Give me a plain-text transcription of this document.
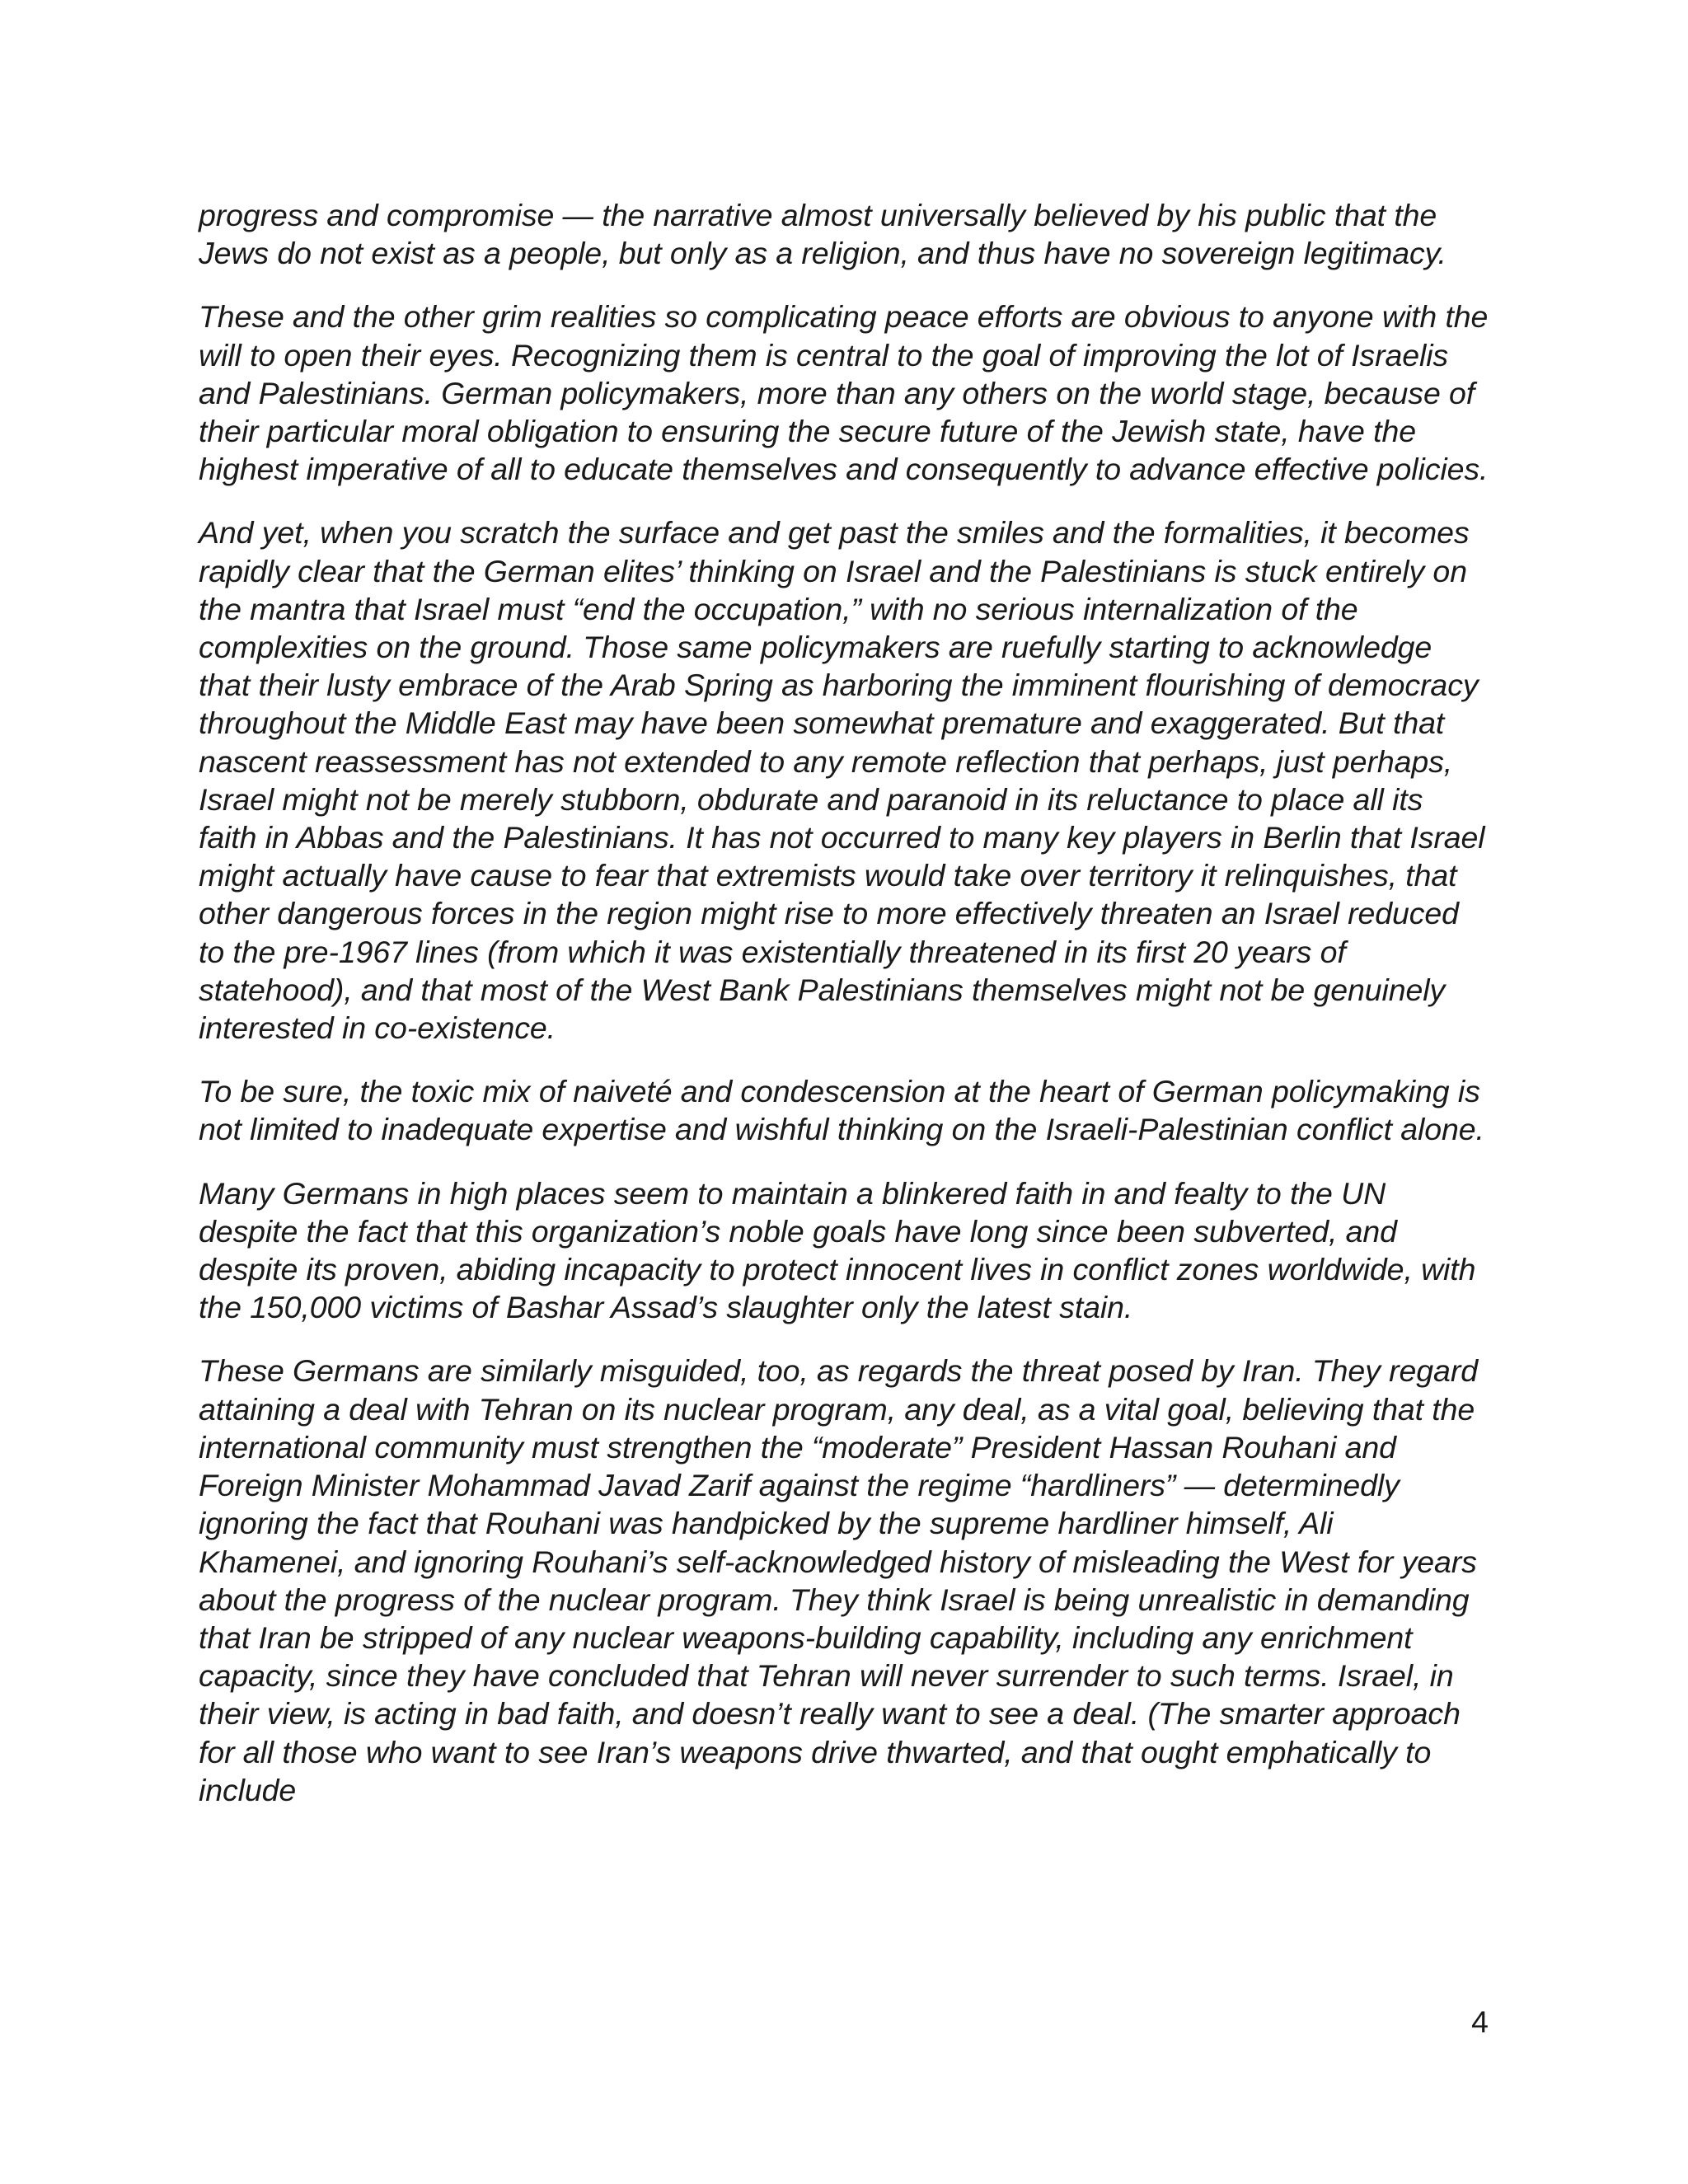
progress and compromise — the narrative almost universally believed by his public that the Jews do not exist as a people, but only as a religion, and thus have no sovereign legitimacy.

These and the other grim realities so complicating peace efforts are obvious to anyone with the will to open their eyes. Recognizing them is central to the goal of improving the lot of Israelis and Palestinians. German policymakers, more than any others on the world stage, because of their particular moral obligation to ensuring the secure future of the Jewish state, have the highest imperative of all to educate themselves and consequently to advance effective policies.

And yet, when you scratch the surface and get past the smiles and the formalities, it becomes rapidly clear that the German elites’ thinking on Israel and the Palestinians is stuck entirely on the mantra that Israel must “end the occupation,” with no serious internalization of the complexities on the ground. Those same policymakers are ruefully starting to acknowledge that their lusty embrace of the Arab Spring as harboring the imminent flourishing of democracy throughout the Middle East may have been somewhat premature and exaggerated. But that nascent reassessment has not extended to any remote reflection that perhaps, just perhaps, Israel might not be merely stubborn, obdurate and paranoid in its reluctance to place all its faith in Abbas and the Palestinians. It has not occurred to many key players in Berlin that Israel might actually have cause to fear that extremists would take over territory it relinquishes, that other dangerous forces in the region might rise to more effectively threaten an Israel reduced to the pre-1967 lines (from which it was existentially threatened in its first 20 years of statehood), and that most of the West Bank Palestinians themselves might not be genuinely interested in co-existence.

To be sure, the toxic mix of naiveté and condescension at the heart of German policymaking is not limited to inadequate expertise and wishful thinking on the Israeli-Palestinian conflict alone.

Many Germans in high places seem to maintain a blinkered faith in and fealty to the UN despite the fact that this organization’s noble goals have long since been subverted, and despite its proven, abiding incapacity to protect innocent lives in conflict zones worldwide, with the 150,000 victims of Bashar Assad’s slaughter only the latest stain.

These Germans are similarly misguided, too, as regards the threat posed by Iran. They regard attaining a deal with Tehran on its nuclear program, any deal, as a vital goal, believing that the international community must strengthen the “moderate” President Hassan Rouhani and Foreign Minister Mohammad Javad Zarif against the regime “hardliners” — determinedly ignoring the fact that Rouhani was handpicked by the supreme hardliner himself, Ali Khamenei, and ignoring Rouhani’s self-acknowledged history of misleading the West for years about the progress of the nuclear program. They think Israel is being unrealistic in demanding that Iran be stripped of any nuclear weapons-building capability, including any enrichment capacity, since they have concluded that Tehran will never surrender to such terms. Israel, in their view, is acting in bad faith, and doesn’t really want to see a deal. (The smarter approach for all those who want to see Iran’s weapons drive thwarted, and that ought emphatically to include

4
